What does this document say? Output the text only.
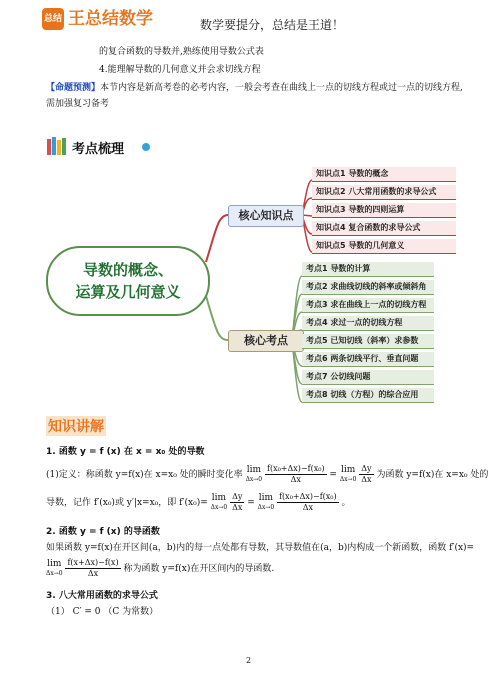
总结 王总结数学	数学要提分，总结是王道！
的复合函数的导数并,熟练使用导数公式表
4.能理解导数的几何意义并会求切线方程
【命题预测】本节内容是新高考卷的必考内容，一般会考查在曲线上一点的切线方程或过一点的切线方程,
需加强复习备考
考点梳理
导数的概念、
运算及几何意义
核心知识点
核心考点
知识点1 导数的概念
知识点2 八大常用函数的求导公式
知识点3 导数的四则运算
知识点4 复合函数的求导公式
知识点5 导数的几何意义
考点1 导数的计算
考点2 求曲线切线的斜率或倾斜角
考点3 求在曲线上一点的切线方程
考点4 求过一点的切线方程
考点5 已知切线（斜率）求参数
考点6 两条切线平行、垂直问题
考点7 公切线问题
考点8 切线（方程）的综合应用
知识讲解
1. 函数 y = f (x) 在 x = x₀ 处的导数
(1)定义：称函数 y=f(x)在 x=x₀ 处的瞬时变化率 lim
Δx→0
$\frac{\text{f(x₀+Δx)−f(x₀)}}{\Delta x} = \lim$
Δx→0
$\frac{\Delta y}{\Delta x}$ 为函数 y=f(x)在 x=x₀ 处的
导数，记作 f′(x₀)或 y′|x=x₀，即 f′(x₀)= lim
Δx→0
$\frac{\Delta y}{\Delta x} = \lim$
Δx→0
$\frac{\text{f(x₀+Δx)−f(x₀)}}{\Delta x}$ 。
2. 函数 y = f (x) 的导函数
如果函数 y=f(x)在开区间(a，b)内的每一点处都有导数，其导数值在(a，b)内构成一个新函数，函数 f′(x)=
lim
Δx→0
$\frac{f(x+\Delta x)-f(x)}{\Delta x}$ 称为函数 y=f(x)在开区间内的导函数.
3. 八大常用函数的求导公式
（1） C′ = 0 （C 为常数）
2
